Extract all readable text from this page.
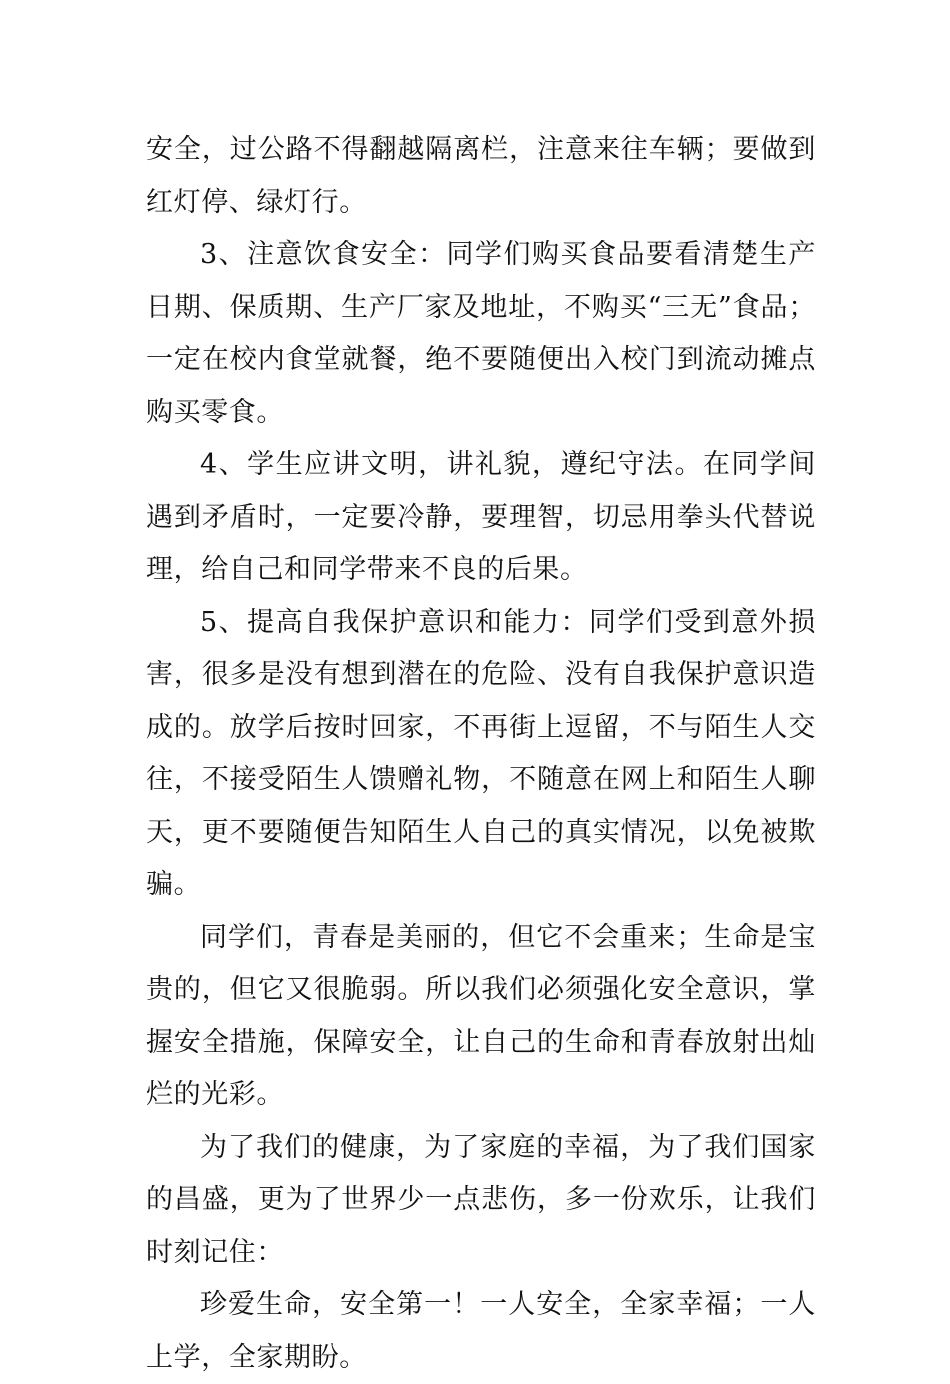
安全，过公路不得翻越隔离栏，注意来往车辆；要做到红灯停、绿灯行。

3、注意饮食安全：同学们购买食品要看清楚生产日期、保质期、生产厂家及地址，不购买“三无”食品；一定在校内食堂就餐，绝不要随便出入校门到流动摊点购买零食。

4、学生应讲文明，讲礼貌，遵纪守法。在同学间遇到矛盾时，一定要冷静，要理智，切忌用拳头代替说理，给自己和同学带来不良的后果。

5、提高自我保护意识和能力：同学们受到意外损害，很多是没有想到潜在的危险、没有自我保护意识造成的。放学后按时回家，不再街上逗留，不与陌生人交往，不接受陌生人馈赠礼物，不随意在网上和陌生人聊天，更不要随便告知陌生人自己的真实情况，以免被欺骗。

同学们，青春是美丽的，但它不会重来；生命是宝贵的，但它又很脆弱。所以我们必须强化安全意识，掌握安全措施，保障安全，让自己的生命和青春放射出灿烂的光彩。

为了我们的健康，为了家庭的幸福，为了我们国家的昌盛，更为了世界少一点悲伤，多一份欢乐，让我们时刻记住：

珍爱生命，安全第一！一人安全，全家幸福；一人上学，全家期盼。
